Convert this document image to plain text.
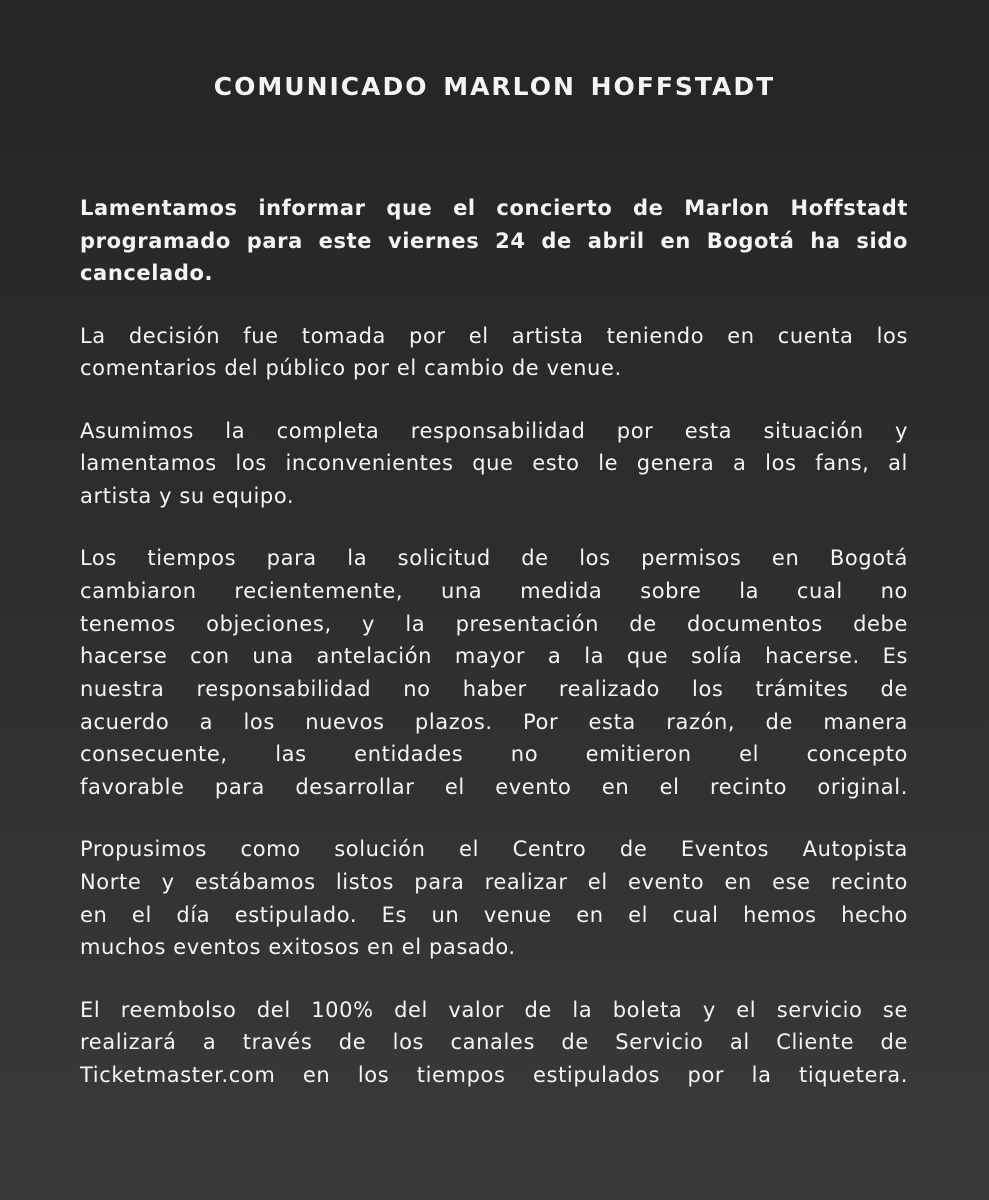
COMUNICADO MARLON HOFFSTADT
Lamentamos informar que el concierto de Marlon Hoffstadt
programado para este viernes 24 de abril en Bogotá ha sido
cancelado.
La decisión fue tomada por el artista teniendo en cuenta los
comentarios del público por el cambio de venue.
Asumimos la completa responsabilidad por esta situación y
lamentamos los inconvenientes que esto le genera a los fans, al
artista y su equipo.
Los tiempos para la solicitud de los permisos en Bogotá
cambiaron recientemente, una medida sobre la cual no
tenemos objeciones, y la presentación de documentos debe
hacerse con una antelación mayor a la que solía hacerse. Es
nuestra responsabilidad no haber realizado los trámites de
acuerdo a los nuevos plazos. Por esta razón, de manera
consecuente, las entidades no emitieron el concepto
favorable para desarrollar el evento en el recinto original.
Propusimos como solución el Centro de Eventos Autopista
Norte y estábamos listos para realizar el evento en ese recinto
en el día estipulado. Es un venue en el cual hemos hecho
muchos eventos exitosos en el pasado.
El reembolso del 100% del valor de la boleta y el servicio se
realizará a través de los canales de Servicio al Cliente de
Ticketmaster.com en los tiempos estipulados por la tiquetera.
